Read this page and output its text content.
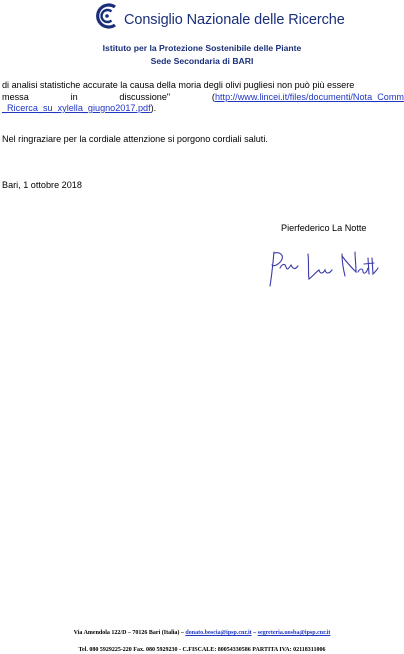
Consiglio Nazionale delle Ricerche
Istituto per la Protezione Sostenibile delle Piante
Sede Secondaria di BARI
di analisi statistiche accurate la causa della moria degli olivi pugliesi non può più essere
messa	in	discussione"	(http://www.lincei.it/files/documenti/Nota_Comm
_Ricerca_su_xylella_giugno2017.pdf).
Nel ringraziare per la cordiale attenzione si porgono cordiali saluti.
Bari, 1 ottobre 2018
Pierfederico La Notte
Via Amendola 122/D – 70126 Bari (Italia) – donato.boscia@ipsp.cnr.it – segreteria.uosba@ipsp.cnr.it
Tel. 080 5929225-220 Fax. 080 5929230 - C.FISCALE: 80054330586 PARTITA IVA: 02118311006
